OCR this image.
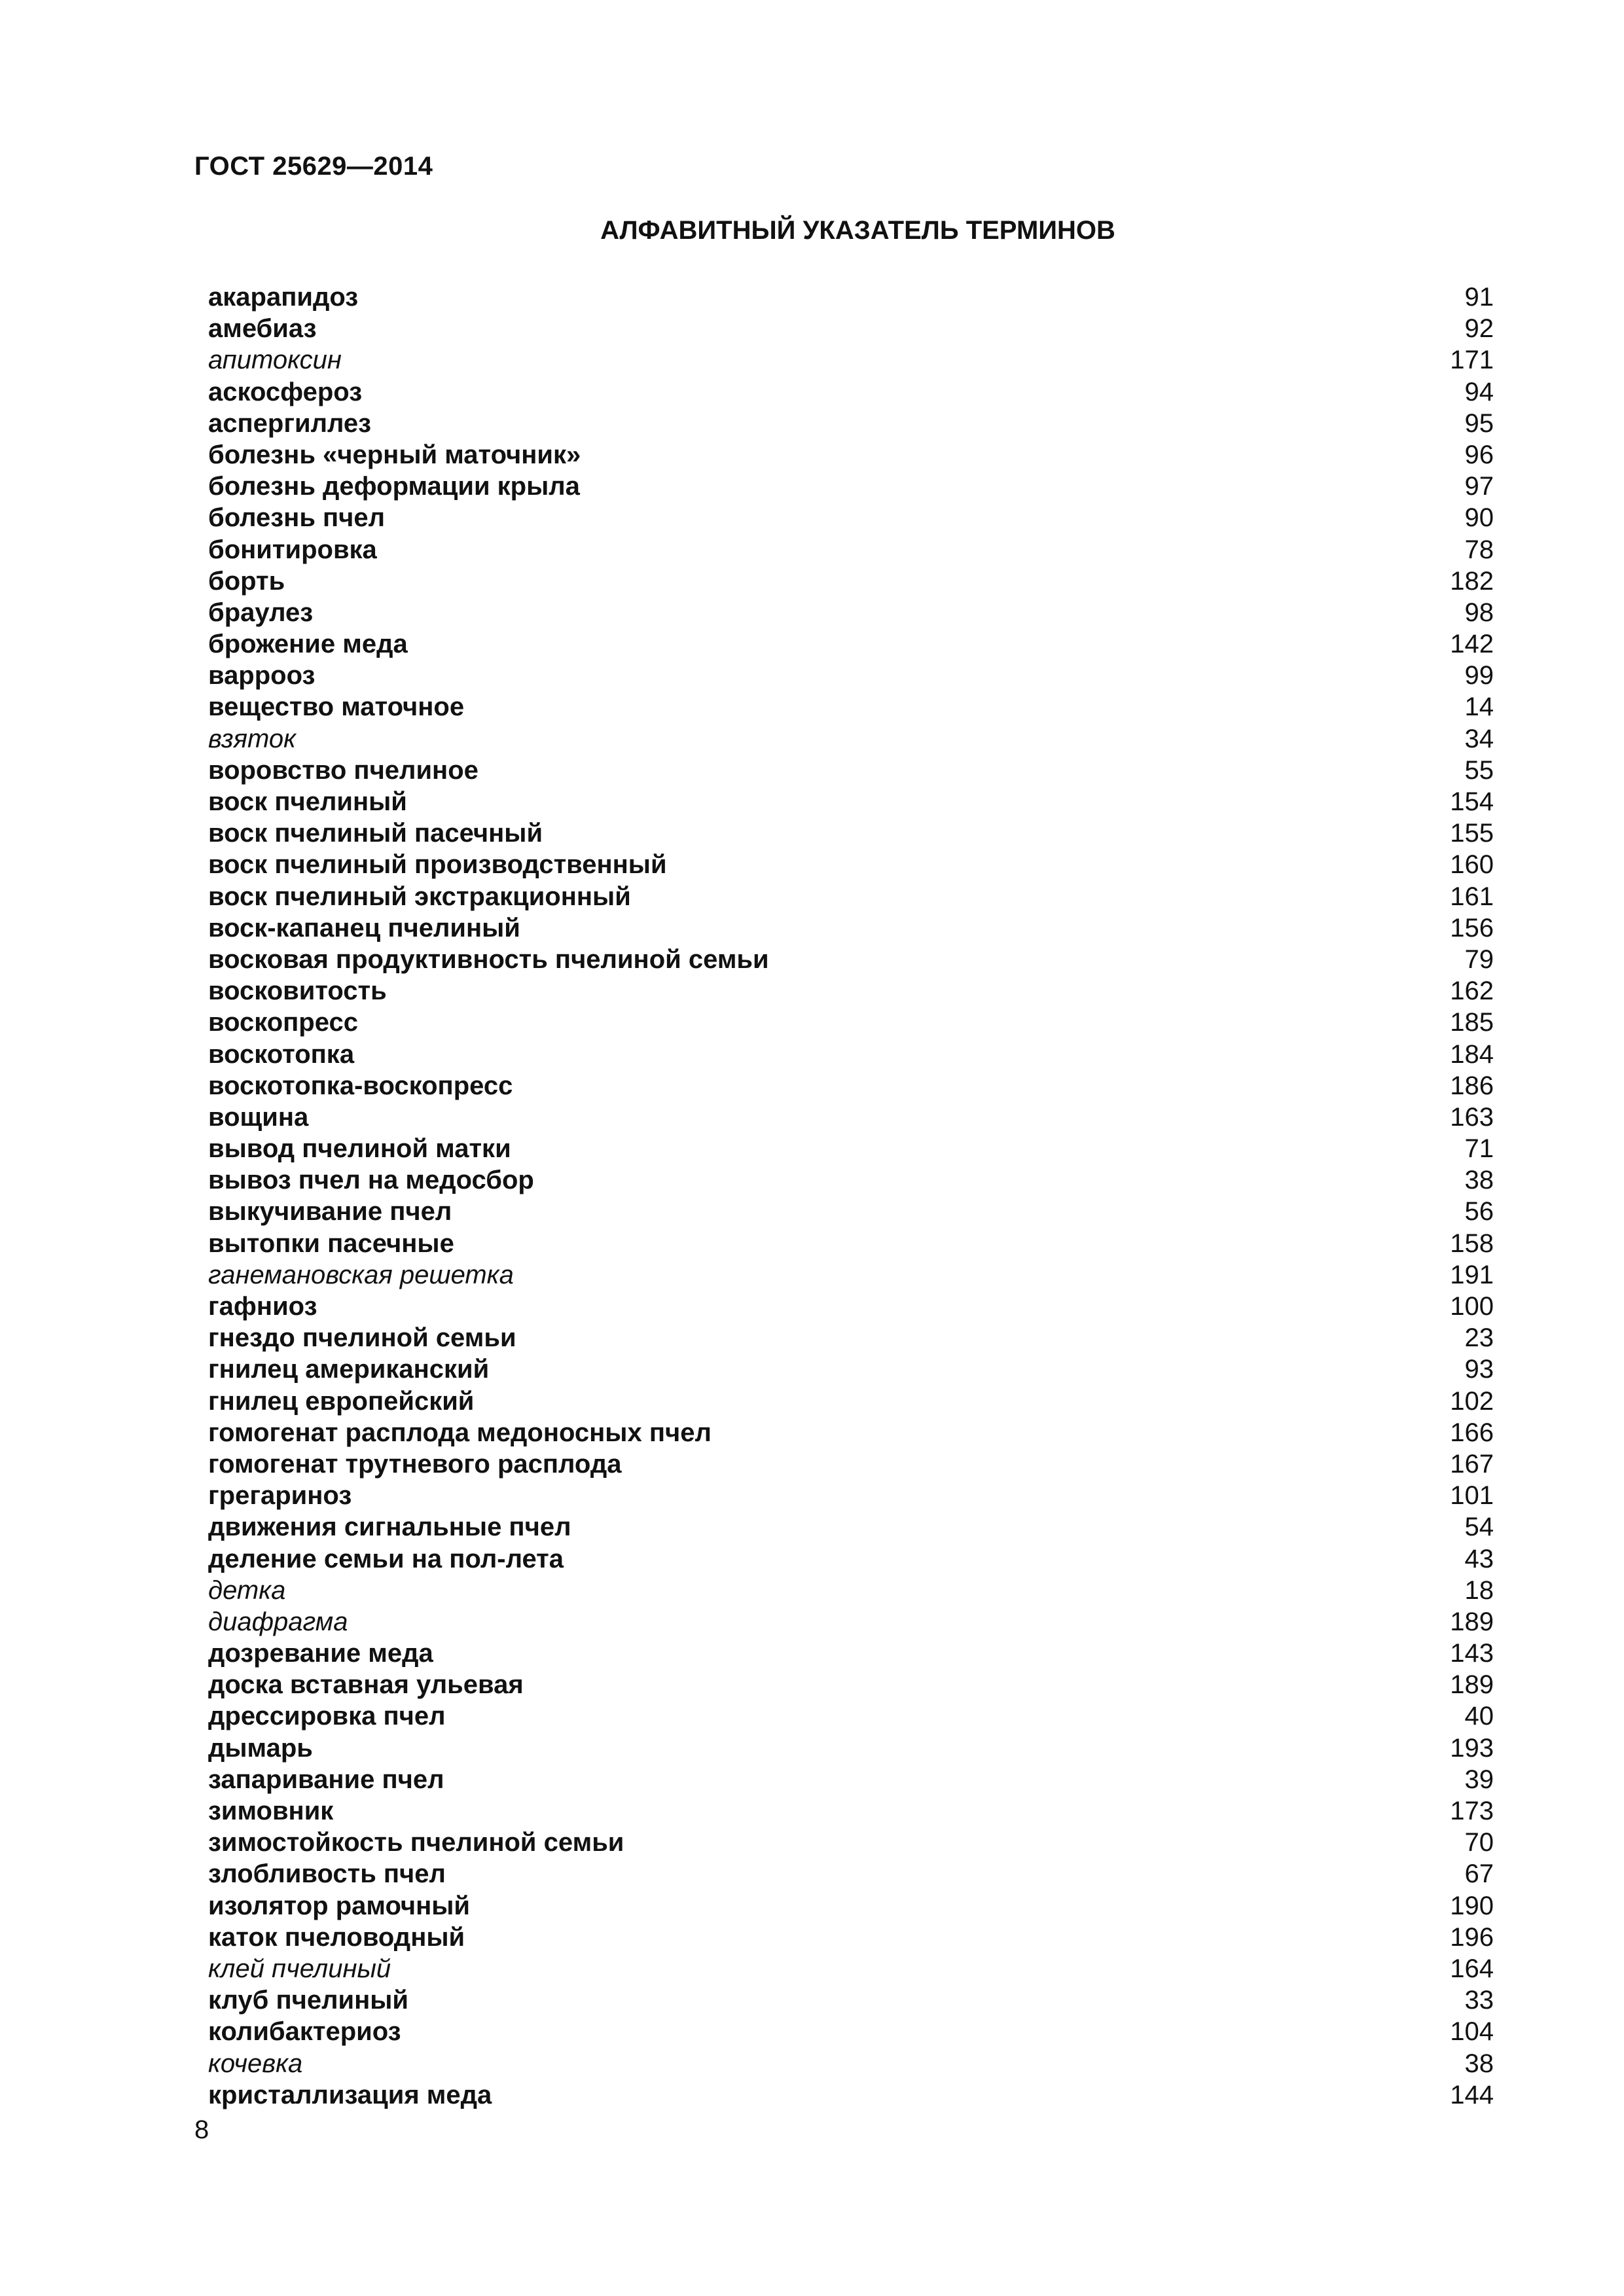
ГОСТ 25629—2014
АЛФАВИТНЫЙ УКАЗАТЕЛЬ ТЕРМИНОВ
акарапидоз	91
амебиаз	92
апитоксин	171
аскосфероз	94
аспергиллез	95
болезнь «черный маточник»	96
болезнь деформации крыла	97
болезнь пчел	90
бонитировка	78
борть	182
браулез	98
брожение меда	142
варрооз	99
вещество маточное	14
взяток	34
воровство пчелиное	55
воск пчелиный	154
воск пчелиный пасечный	155
воск пчелиный производственный	160
воск пчелиный экстракционный	161
воск-капанец пчелиный	156
восковая продуктивность пчелиной семьи	79
восковитость	162
воскопресс	185
воскотопка	184
воскотопка-воскопресс	186
вощина	163
вывод пчелиной матки	71
вывоз пчел на медосбор	38
выкучивание пчел	56
вытопки пасечные	158
ганемановская решетка	191
гафниоз	100
гнездо пчелиной семьи	23
гнилец американский	93
гнилец европейский	102
гомогенат расплода медоносных пчел	166
гомогенат трутневого расплода	167
грегариноз	101
движения сигнальные пчел	54
деление семьи на пол-лета	43
детка	18
диафрагма	189
дозревание меда	143
доска вставная ульевая	189
дрессировка пчел	40
дымарь	193
запаривание пчел	39
зимовник	173
зимостойкость пчелиной семьи	70
злобливость пчел	67
изолятор рамочный	190
каток пчеловодный	196
клей пчелиный	164
клуб пчелиный	33
колибактериоз	104
кочевка	38
кристаллизация меда	144
8
